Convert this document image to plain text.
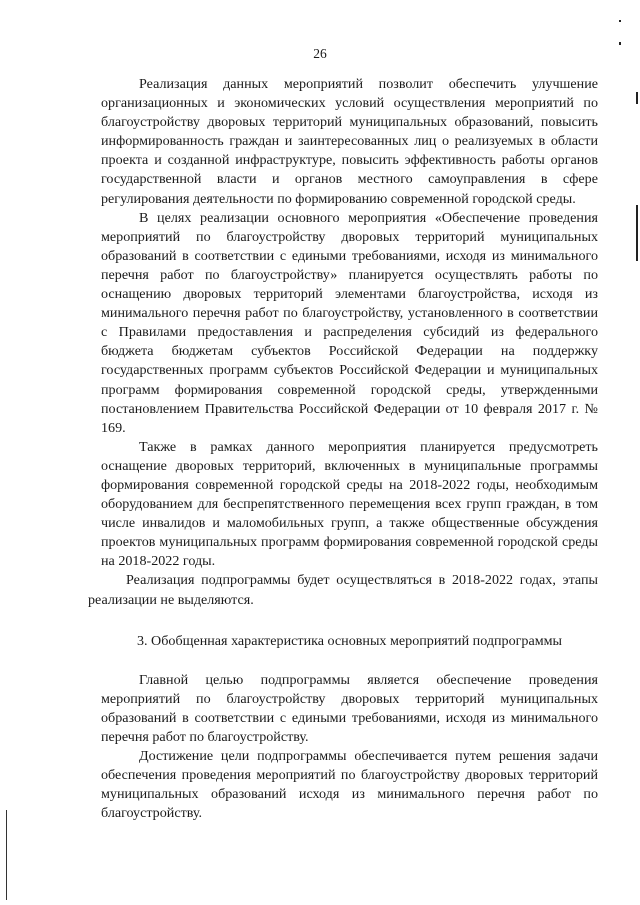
26

Реализация данных мероприятий позволит обеспечить улучшение организационных и экономических условий осуществления мероприятий по благоустройству дворовых территорий муниципальных образований, повысить информированность граждан и заинтересованных лиц о реализуемых в области проекта и созданной инфраструктуре, повысить эффективность работы органов государственной власти и органов местного самоуправления в сфере регулирования деятельности по формированию современной городской среды.

В целях реализации основного мероприятия «Обеспечение проведения мероприятий по благоустройству дворовых территорий муниципальных образований в соответствии с едиными требованиями, исходя из минимального перечня работ по благоустройству» планируется осуществлять работы по оснащению дворовых территорий элементами благоустройства, исходя из минимального перечня работ по благоустройству, установленного в соответствии с Правилами предоставления и распределения субсидий из федерального бюджета бюджетам субъектов Российской Федерации на поддержку государственных программ субъектов Российской Федерации и муниципальных программ формирования современной городской среды, утвержденными постановлением Правительства Российской Федерации от 10 февраля 2017 г. № 169.

Также в рамках данного мероприятия планируется предусмотреть оснащение дворовых территорий, включенных в муниципальные программы формирования современной городской среды на 2018-2022 годы, необходимым оборудованием для беспрепятственного перемещения всех групп граждан, в том числе инвалидов и маломобильных групп, а также общественные обсуждения проектов муниципальных программ формирования современной городской среды на 2018-2022 годы.

Реализация подпрограммы будет осуществляться в 2018-2022 годах, этапы реализации не выделяются.

3. Обобщенная характеристика основных мероприятий подпрограммы

Главной целью подпрограммы является обеспечение проведения мероприятий по благоустройству дворовых территорий муниципальных образований в соответствии с едиными требованиями, исходя из минимального перечня работ по благоустройству.

Достижение цели подпрограммы обеспечивается путем решения задачи обеспечения проведения мероприятий по благоустройству дворовых территорий муниципальных образований исходя из минимального перечня работ по благоустройству.
